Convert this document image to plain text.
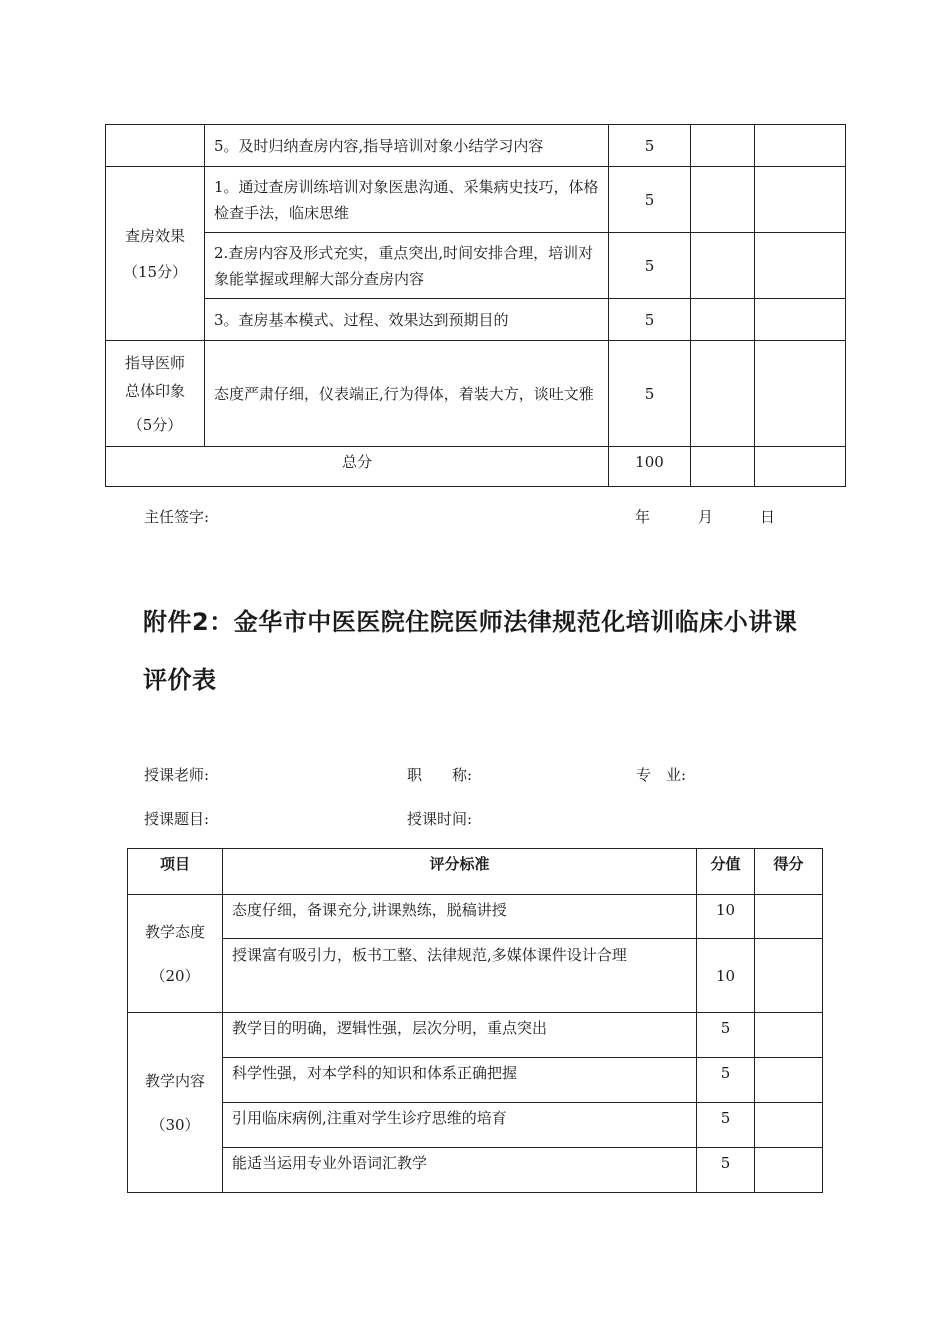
	5。及时归纳查房内容,指导培训对象小结学习内容	5		

查房效果
（15分）	1。通过查房训练培训对象医患沟通、采集病史技巧，体格检查手法，临床思维	5		
	2.查房内容及形式充实，重点突出,时间安排合理，培训对象能掌握或理解大部分查房内容	5		
	3。查房基本模式、过程、效果达到预期目的	5		

指导医师
总体印象
（5分）	态度严肃仔细，仪表端正,行为得体，着装大方，谈吐文雅	5		
总分		100		
主任签字:	年	月	日
附件2：金华市中医医院住院医师法律规范化培训临床小讲课
评价表
授课老师:	职　　称:	专　业:
授课题目:	授课时间:
项目	评分标准	分值	得分

教学态度
（20）	态度仔细，备课充分,讲课熟练，脱稿讲授	10	
	授课富有吸引力，板书工整、法律规范,多媒体课件设计合理	10	

教学内容
（30）	教学目的明确，逻辑性强，层次分明，重点突出	5	
	科学性强，对本学科的知识和体系正确把握	5	
	引用临床病例,注重对学生诊疗思维的培育	5	
	能适当运用专业外语词汇教学	5	
